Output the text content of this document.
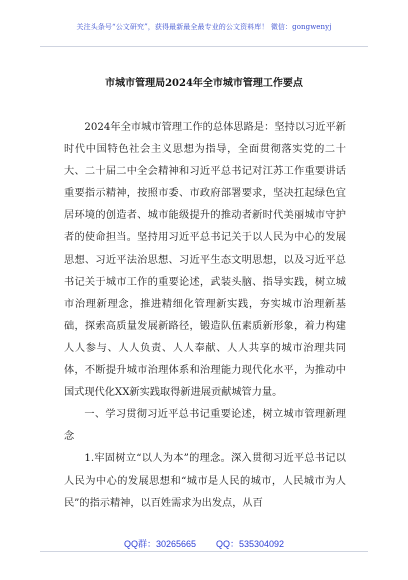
关注头条号“公文研究”，获得最新最全最专业的公文资料库！ 微信：gongwenyj
市城市管理局2024年全市城市管理工作要点

2024年全市城市管理工作的总体思路是：坚持以习近平新时代中国特色社会主义思想为指导，全面贯彻落实党的二十大、二十届二中全会精神和习近平总书记对江苏工作重要讲话重要指示精神，按照市委、市政府部署要求，坚决扛起绿色宜居环境的创造者、城市能级提升的推动者新时代美丽城市守护者的使命担当。坚持用习近平总书记关于以人民为中心的发展思想、习近平法治思想、习近平生态文明思想，以及习近平总书记关于城市工作的重要论述，武装头脑、指导实践，树立城市治理新理念，推进精细化管理新实践，夯实城市治理新基础，探索高质量发展新路径，锻造队伍素质新形象，着力构建人人参与、人人负责、人人奉献、人人共享的城市治理共同体，不断提升城市治理体系和治理能力现代化水平，为推动中国式现代化XX新实践取得新进展贡献城管力量。

一、学习贯彻习近平总书记重要论述，树立城市管理新理念

1.牢固树立“以人为本”的理念。深入贯彻习近平总书记以人民为中心的发展思想和“城市是人民的城市，人民城市为人民”的指示精神，以百姓需求为出发点，从百

QQ群：30265665 QQ：535304092
